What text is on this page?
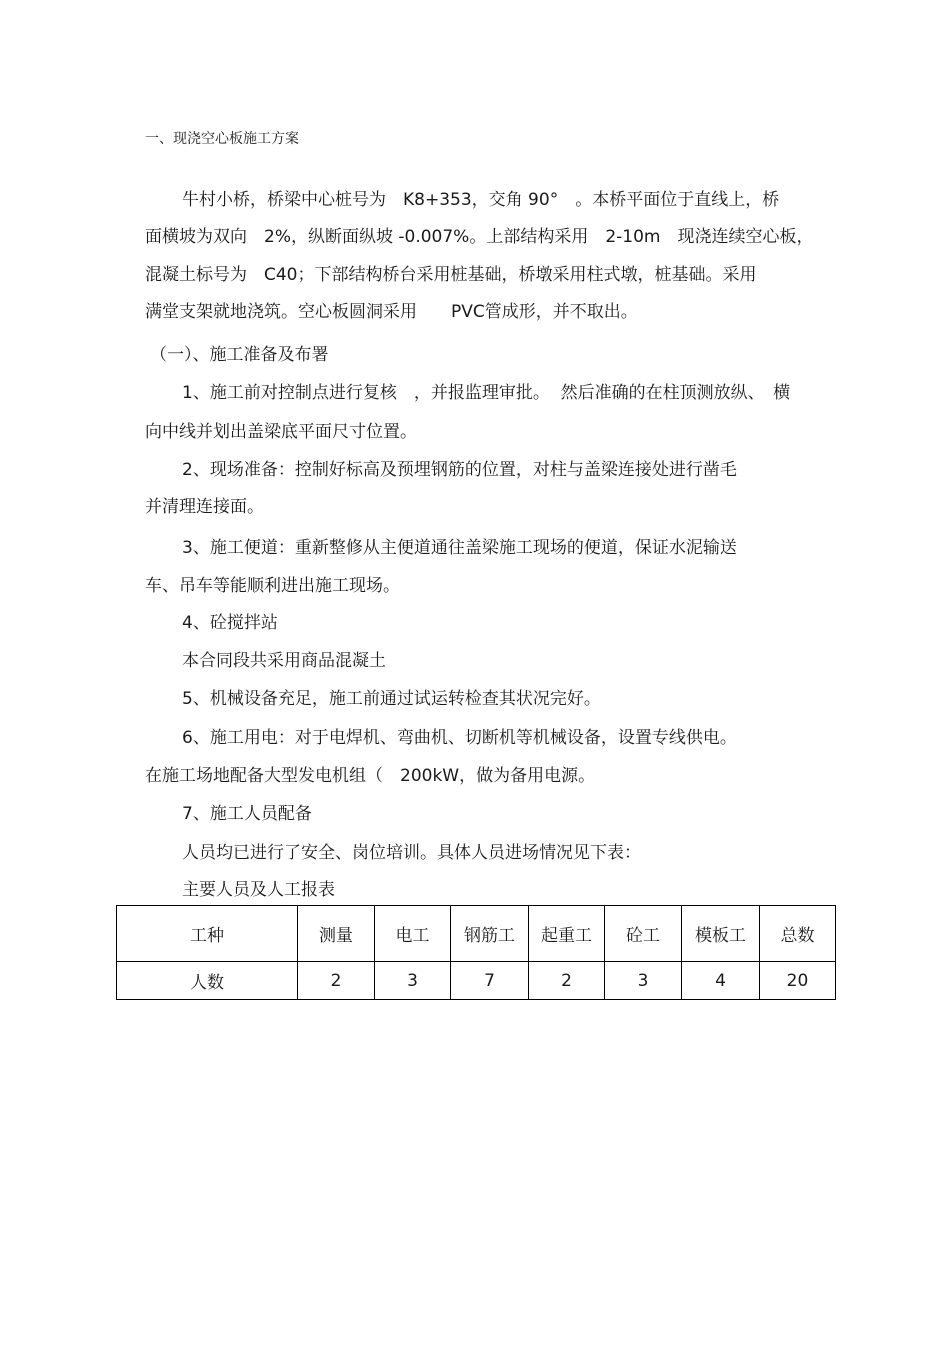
一、现浇空心板施工方案
牛村小桥，桥梁中心桩号为　K8+353，交角 90°　。本桥平面位于直线上，桥
面横坡为双向　2%，纵断面纵坡 -0.007%。上部结构采用　2-10m　现浇连续空心板，
混凝土标号为　C40；下部结构桥台采用桩基础，桥墩采用柱式墩，桩基础。采用
满堂支架就地浇筑。空心板圆洞采用　　PVC管成形，并不取出。
（一）、施工准备及布署
1、施工前对控制点进行复核　，并报监理审批。  然后准确的在柱顶测放纵、　横
向中线并划出盖梁底平面尺寸位置。
2、现场准备：控制好标高及预埋钢筋的位置，对柱与盖梁连接处进行凿毛
并清理连接面。
3、施工便道：重新整修从主便道通往盖梁施工现场的便道，保证水泥输送
车、吊车等能顺利进出施工现场。
4、砼搅拌站
本合同段共采用商品混凝土
5、机械设备充足，施工前通过试运转检查其状况完好。
6、施工用电：对于电焊机、弯曲机、切断机等机械设备，设置专线供电。
在施工场地配备大型发电机组（　200kW，做为备用电源。
7、施工人员配备
人员均已进行了安全、岗位培训。具体人员进场情况见下表：
主要人员及人工报表
工种	测量	电工	钢筋工	起重工	砼工	模板工	总数
人数	2	3	7	2	3	4	20
